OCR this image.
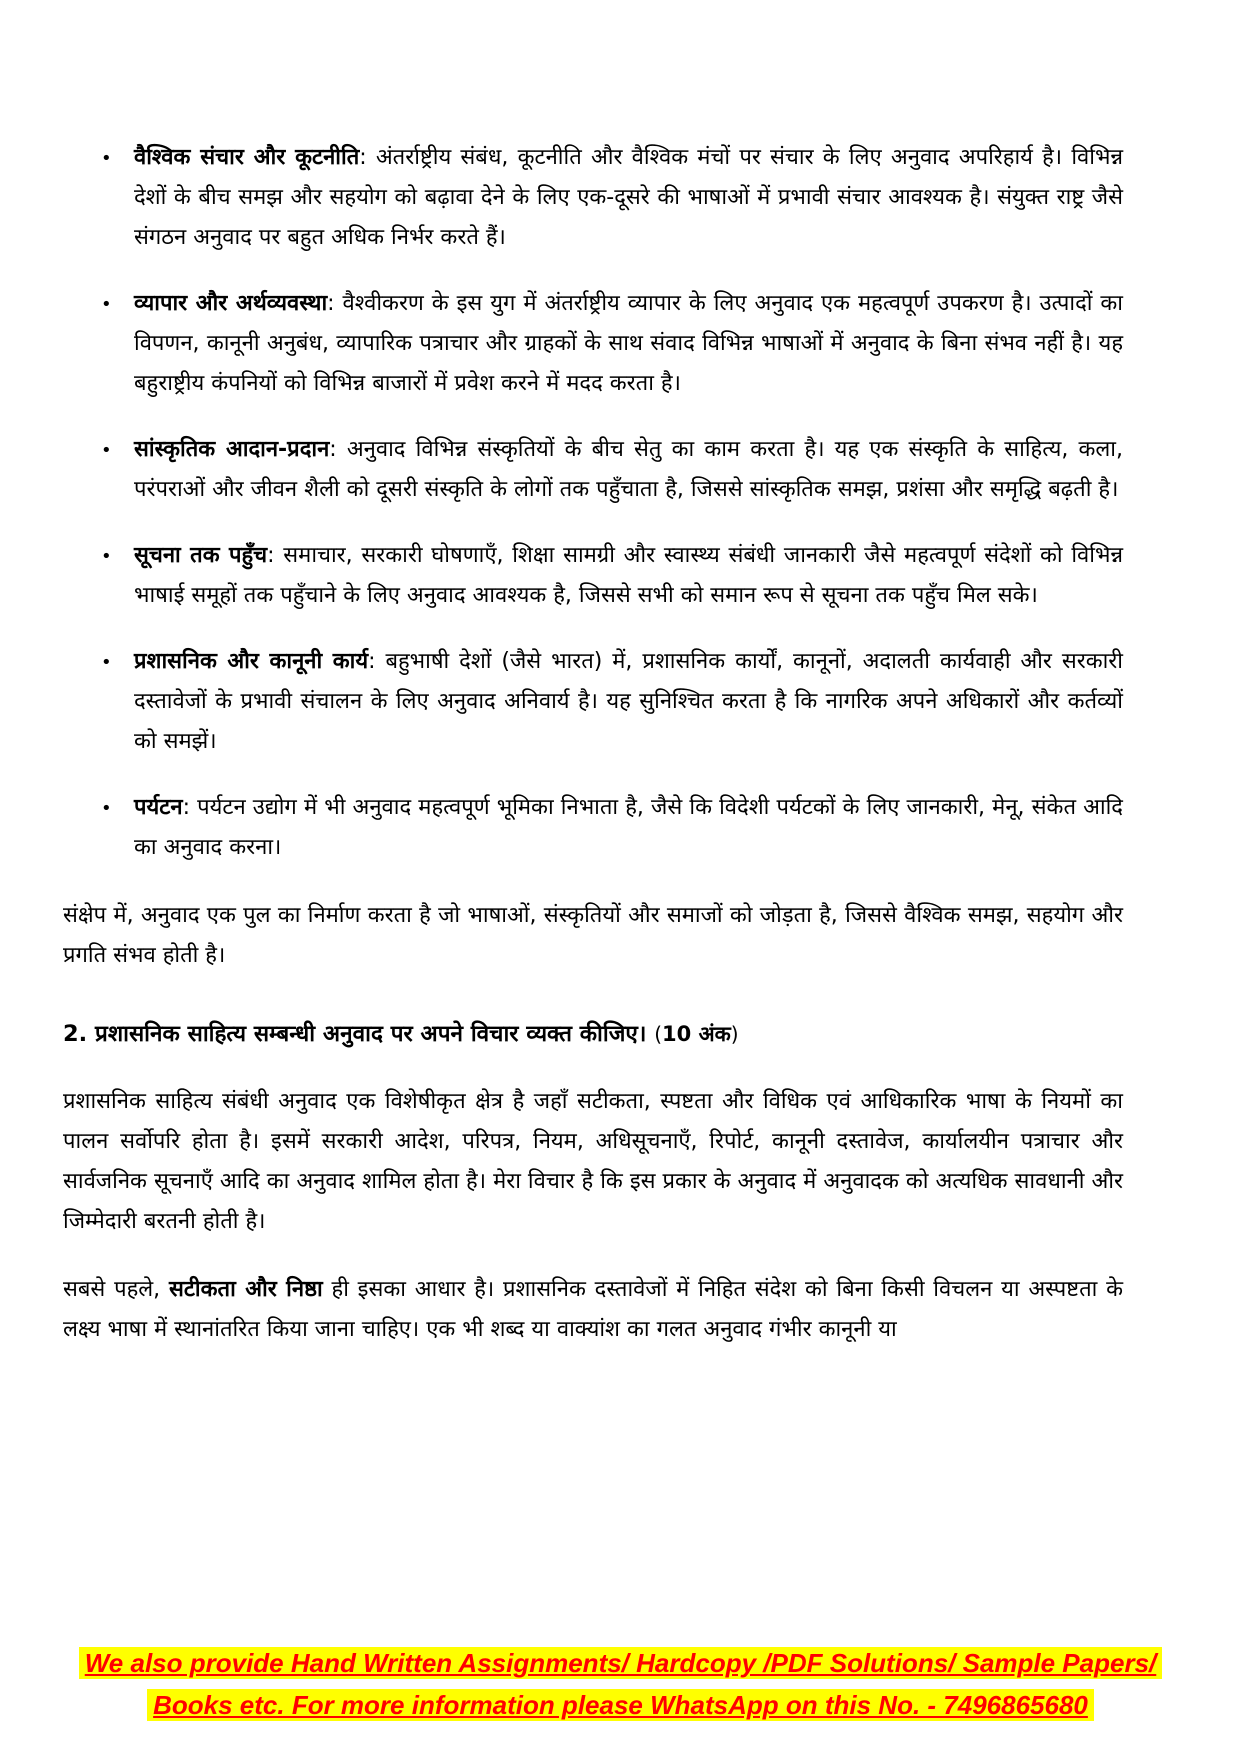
• वैश्विक संचार और कूटनीति: अंतर्राष्ट्रीय संबंध, कूटनीति और वैश्विक मंचों पर संचार के लिए अनुवाद अपरिहार्य है। विभिन्न देशों के बीच समझ और सहयोग को बढ़ावा देने के लिए एक-दूसरे की भाषाओं में प्रभावी संचार आवश्यक है। संयुक्त राष्ट्र जैसे संगठन अनुवाद पर बहुत अधिक निर्भर करते हैं।
• व्यापार और अर्थव्यवस्था: वैश्वीकरण के इस युग में अंतर्राष्ट्रीय व्यापार के लिए अनुवाद एक महत्वपूर्ण उपकरण है। उत्पादों का विपणन, कानूनी अनुबंध, व्यापारिक पत्राचार और ग्राहकों के साथ संवाद विभिन्न भाषाओं में अनुवाद के बिना संभव नहीं है। यह बहुराष्ट्रीय कंपनियों को विभिन्न बाजारों में प्रवेश करने में मदद करता है।
• सांस्कृतिक आदान-प्रदान: अनुवाद विभिन्न संस्कृतियों के बीच सेतु का काम करता है। यह एक संस्कृति के साहित्य, कला, परंपराओं और जीवन शैली को दूसरी संस्कृति के लोगों तक पहुँचाता है, जिससे सांस्कृतिक समझ, प्रशंसा और समृद्धि बढ़ती है।
• सूचना तक पहुँच: समाचार, सरकारी घोषणाएँ, शिक्षा सामग्री और स्वास्थ्य संबंधी जानकारी जैसे महत्वपूर्ण संदेशों को विभिन्न भाषाई समूहों तक पहुँचाने के लिए अनुवाद आवश्यक है, जिससे सभी को समान रूप से सूचना तक पहुँच मिल सके।
• प्रशासनिक और कानूनी कार्य: बहुभाषी देशों (जैसे भारत) में, प्रशासनिक कार्यों, कानूनों, अदालती कार्यवाही और सरकारी दस्तावेजों के प्रभावी संचालन के लिए अनुवाद अनिवार्य है। यह सुनिश्चित करता है कि नागरिक अपने अधिकारों और कर्तव्यों को समझें।
• पर्यटन: पर्यटन उद्योग में भी अनुवाद महत्वपूर्ण भूमिका निभाता है, जैसे कि विदेशी पर्यटकों के लिए जानकारी, मेनू, संकेत आदि का अनुवाद करना।

संक्षेप में, अनुवाद एक पुल का निर्माण करता है जो भाषाओं, संस्कृतियों और समाजों को जोड़ता है, जिससे वैश्विक समझ, सहयोग और प्रगति संभव होती है।

2. प्रशासनिक साहित्य सम्बन्धी अनुवाद पर अपने विचार व्यक्त कीजिए। (10 अंक)

प्रशासनिक साहित्य संबंधी अनुवाद एक विशेषीकृत क्षेत्र है जहाँ सटीकता, स्पष्टता और विधिक एवं आधिकारिक भाषा के नियमों का पालन सर्वोपरि होता है। इसमें सरकारी आदेश, परिपत्र, नियम, अधिसूचनाएँ, रिपोर्ट, कानूनी दस्तावेज, कार्यालयीन पत्राचार और सार्वजनिक सूचनाएँ आदि का अनुवाद शामिल होता है। मेरा विचार है कि इस प्रकार के अनुवाद में अनुवादक को अत्यधिक सावधानी और जिम्मेदारी बरतनी होती है।

सबसे पहले, सटीकता और निष्ठा ही इसका आधार है। प्रशासनिक दस्तावेजों में निहित संदेश को बिना किसी विचलन या अस्पष्टता के लक्ष्य भाषा में स्थानांतरित किया जाना चाहिए। एक भी शब्द या वाक्यांश का गलत अनुवाद गंभीर कानूनी या

We also provide Hand Written Assignments/ Hardcopy /PDF Solutions/ Sample Papers/
Books etc. For more information please WhatsApp on this No. - 7496865680
